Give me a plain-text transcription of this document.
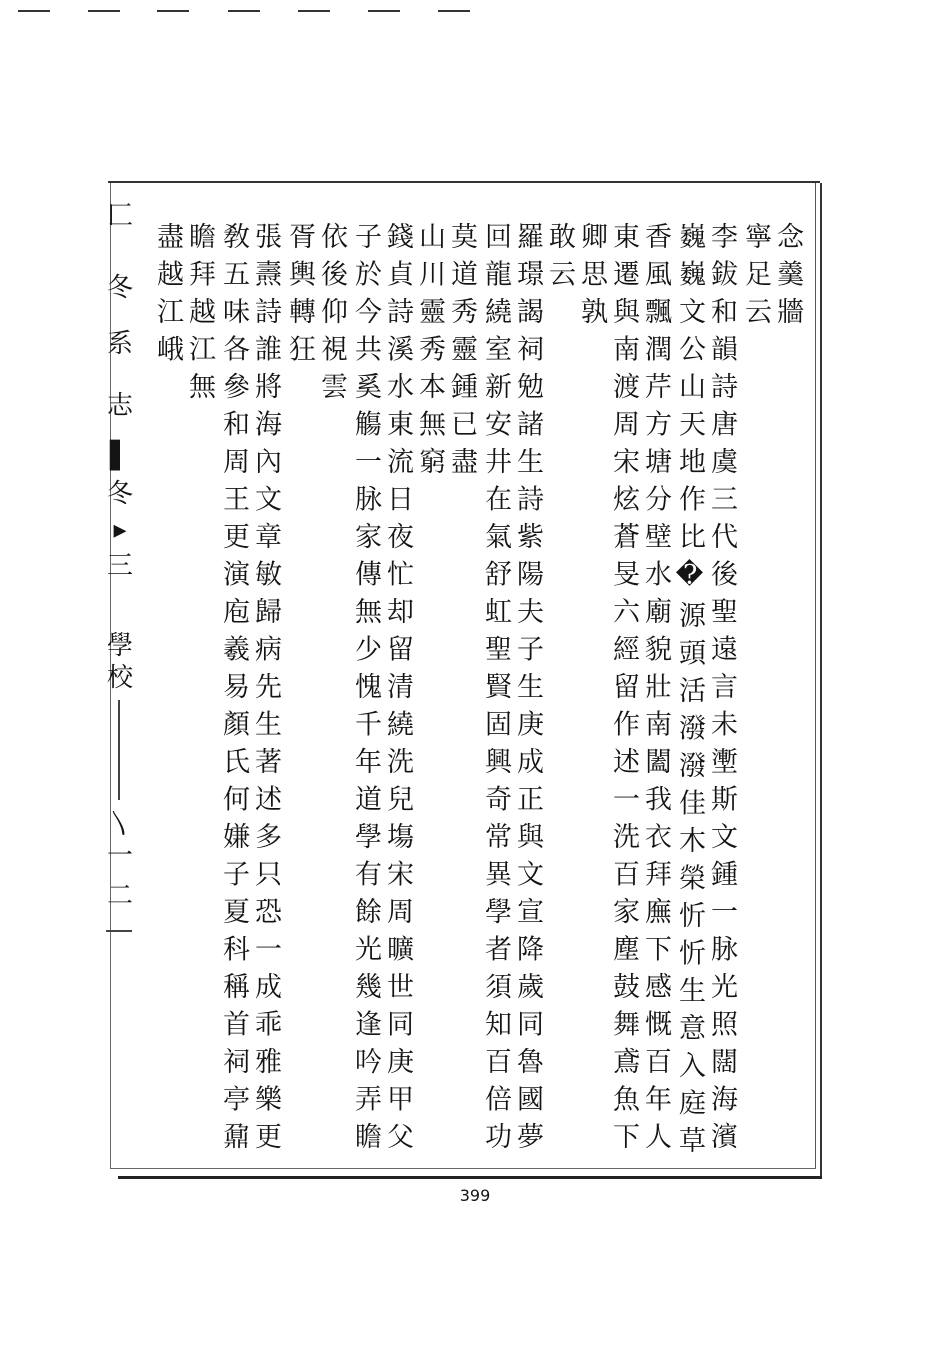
匚
冬
系
志
▌
冬
▸
三
學
校
〵
一
二
念羹牆
寧足云
李鈸和韻詩唐虞三代後聖遠言未壍斯文鍾一脉光照闊海濱
巍巍文公山天地作比�源頭活潑潑佳木榮忻忻生意入庭草
香風飄潤芹方塘分壁水廟貌壯南闔我衣拜廡下感慨百年人
東遷與南渡周宋炫蒼旻六經留作述一洗百家塵鼓舞鳶魚下
卿思孰
敢云　
羅璟謁祠勉諸生詩紫陽夫子生庚成正與文宣降歲同魯國夢
回龍繞室新安井在氣舒虹聖賢固興奇常異學者須知百倍功
莫道秀靈鍾已盡
山川靈秀本無窮
錢貞詩溪水東流日夜忙却留清繞洗兒塲宋周曠世同庚甲父
子於今共奚觴一脉家傳無少愧千年道學有餘光幾逢吟弄瞻
依後仰視雲
胥輿轉狂　
張燾詩誰將海內文章敏歸病先生著述多只恐一成乖雅樂更
敎五味各參和周王更演庖羲易顏氏何嫌子夏科稱首祠亭鼐
瞻拜越江無
盡越江峨　
399
